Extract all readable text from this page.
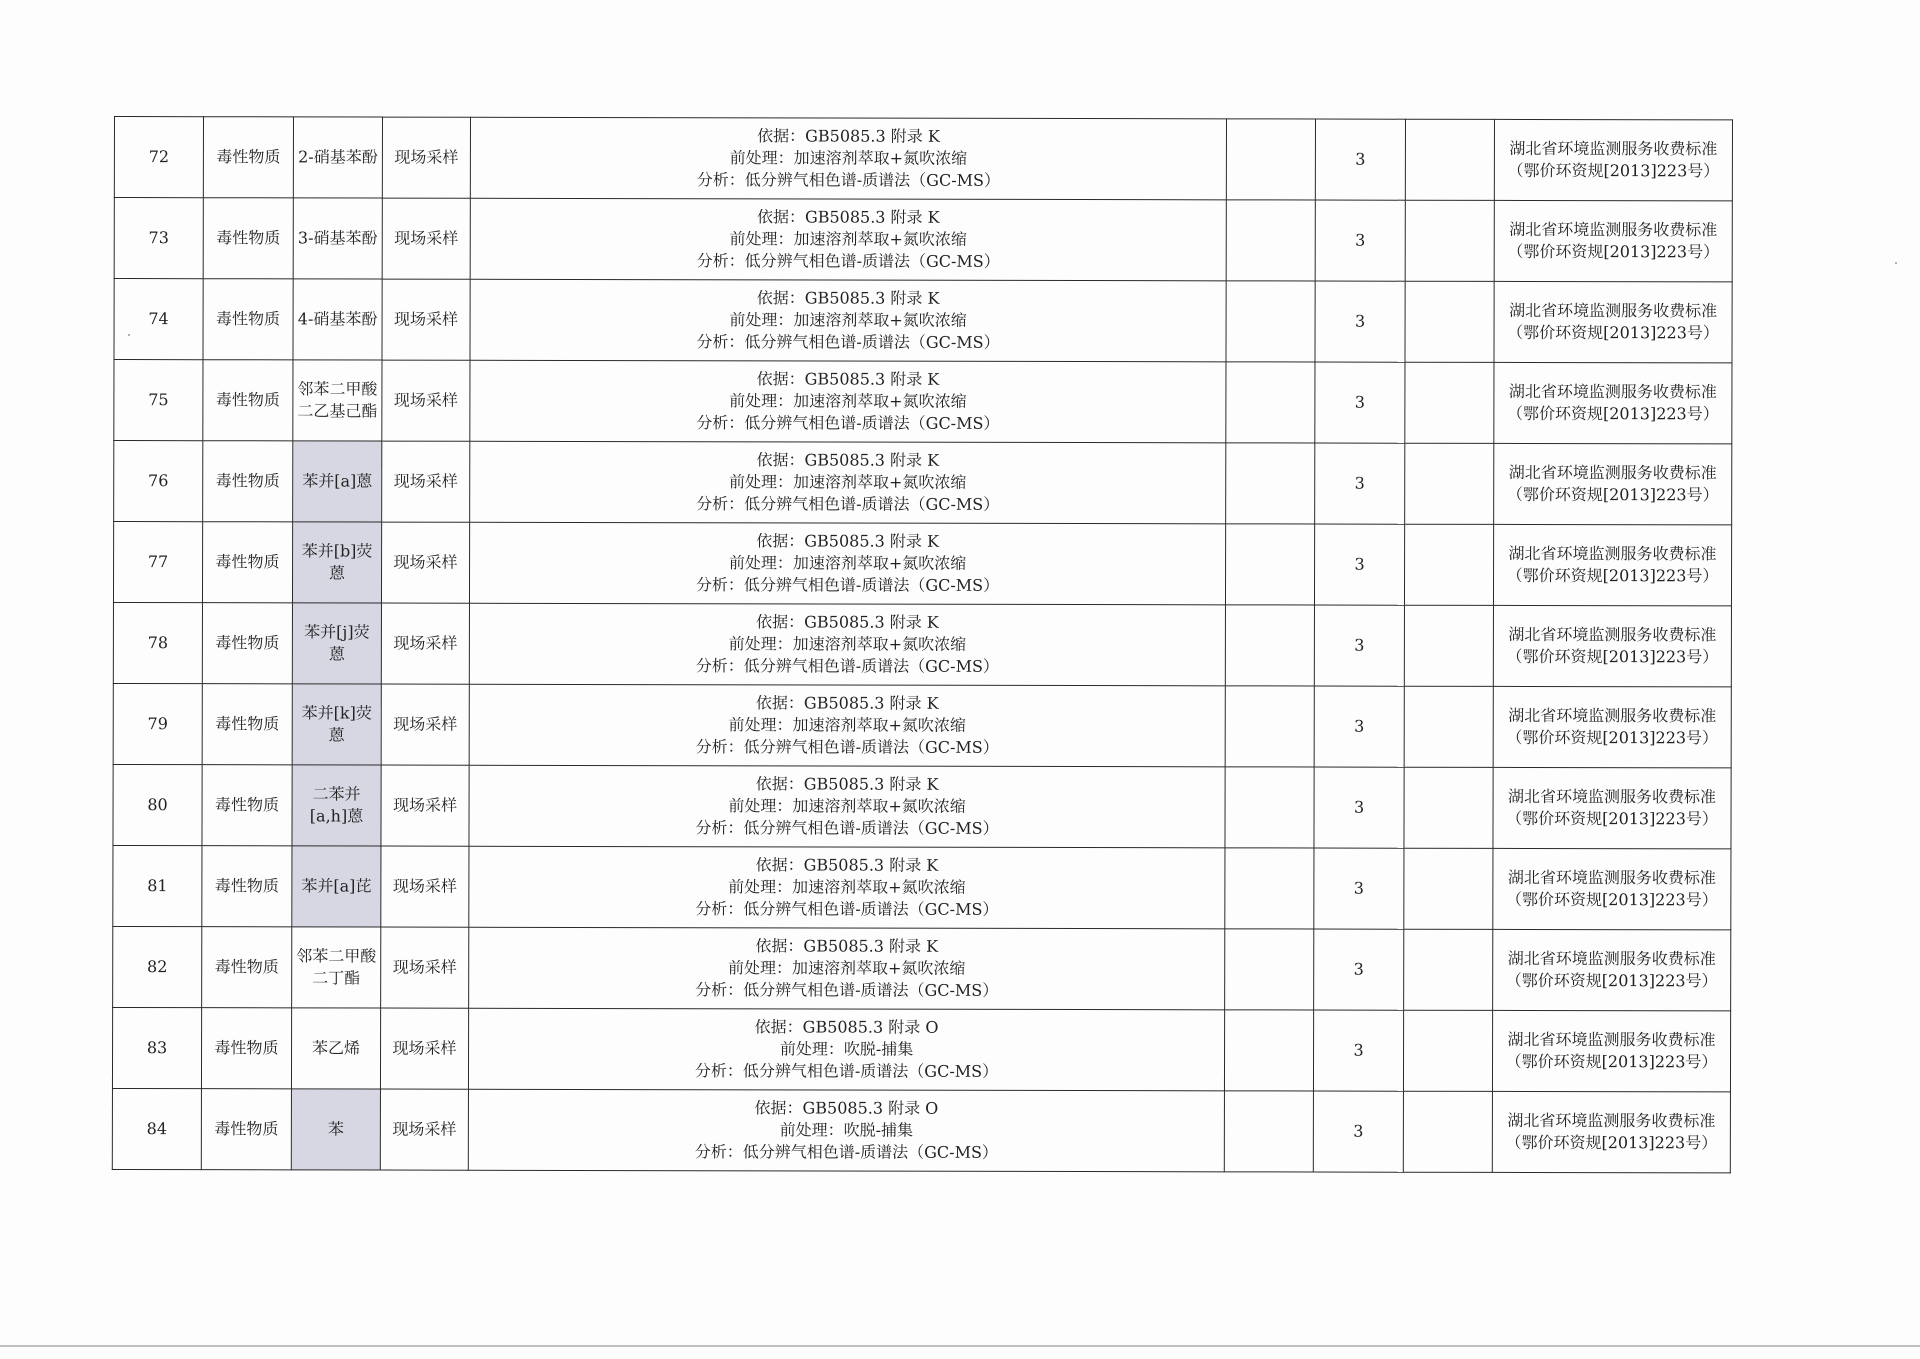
72	毒性物质	2-硝基苯酚	现场采样	依据：GB5085.3 附录 K
前处理：加速溶剂萃取+氮吹浓缩
分析：低分辨气相色谱-质谱法（GC-MS）		3		湖北省环境监测服务收费标准
（鄂价环资规[2013]223号）

73	毒性物质	3-硝基苯酚	现场采样	依据：GB5085.3 附录 K
前处理：加速溶剂萃取+氮吹浓缩
分析：低分辨气相色谱-质谱法（GC-MS）		3		湖北省环境监测服务收费标准
（鄂价环资规[2013]223号）

74	毒性物质	4-硝基苯酚	现场采样	依据：GB5085.3 附录 K
前处理：加速溶剂萃取+氮吹浓缩
分析：低分辨气相色谱-质谱法（GC-MS）		3		湖北省环境监测服务收费标准
（鄂价环资规[2013]223号）

75	毒性物质	邻苯二甲酸二乙基己酯	现场采样	依据：GB5085.3 附录 K
前处理：加速溶剂萃取+氮吹浓缩
分析：低分辨气相色谱-质谱法（GC-MS）		3		湖北省环境监测服务收费标准
（鄂价环资规[2013]223号）

76	毒性物质	苯并[a]蒽	现场采样	依据：GB5085.3 附录 K
前处理：加速溶剂萃取+氮吹浓缩
分析：低分辨气相色谱-质谱法（GC-MS）		3		湖北省环境监测服务收费标准
（鄂价环资规[2013]223号）

77	毒性物质	苯并[b]荧蒽	现场采样	依据：GB5085.3 附录 K
前处理：加速溶剂萃取+氮吹浓缩
分析：低分辨气相色谱-质谱法（GC-MS）		3		湖北省环境监测服务收费标准
（鄂价环资规[2013]223号）

78	毒性物质	苯并[j]荧蒽	现场采样	依据：GB5085.3 附录 K
前处理：加速溶剂萃取+氮吹浓缩
分析：低分辨气相色谱-质谱法（GC-MS）		3		湖北省环境监测服务收费标准
（鄂价环资规[2013]223号）

79	毒性物质	苯并[k]荧蒽	现场采样	依据：GB5085.3 附录 K
前处理：加速溶剂萃取+氮吹浓缩
分析：低分辨气相色谱-质谱法（GC-MS）		3		湖北省环境监测服务收费标准
（鄂价环资规[2013]223号）

80	毒性物质	二苯并[a,h]蒽	现场采样	依据：GB5085.3 附录 K
前处理：加速溶剂萃取+氮吹浓缩
分析：低分辨气相色谱-质谱法（GC-MS）		3		湖北省环境监测服务收费标准
（鄂价环资规[2013]223号）

81	毒性物质	苯并[a]芘	现场采样	依据：GB5085.3 附录 K
前处理：加速溶剂萃取+氮吹浓缩
分析：低分辨气相色谱-质谱法（GC-MS）		3		湖北省环境监测服务收费标准
（鄂价环资规[2013]223号）

82	毒性物质	邻苯二甲酸二丁酯	现场采样	依据：GB5085.3 附录 K
前处理：加速溶剂萃取+氮吹浓缩
分析：低分辨气相色谱-质谱法（GC-MS）		3		湖北省环境监测服务收费标准
（鄂价环资规[2013]223号）

83	毒性物质	苯乙烯	现场采样	依据：GB5085.3 附录 O
前处理：吹脱-捕集
分析：低分辨气相色谱-质谱法（GC-MS）		3		湖北省环境监测服务收费标准
（鄂价环资规[2013]223号）

84	毒性物质	苯	现场采样	依据：GB5085.3 附录 O
前处理：吹脱-捕集
分析：低分辨气相色谱-质谱法（GC-MS）		3		湖北省环境监测服务收费标准
（鄂价环资规[2013]223号）
